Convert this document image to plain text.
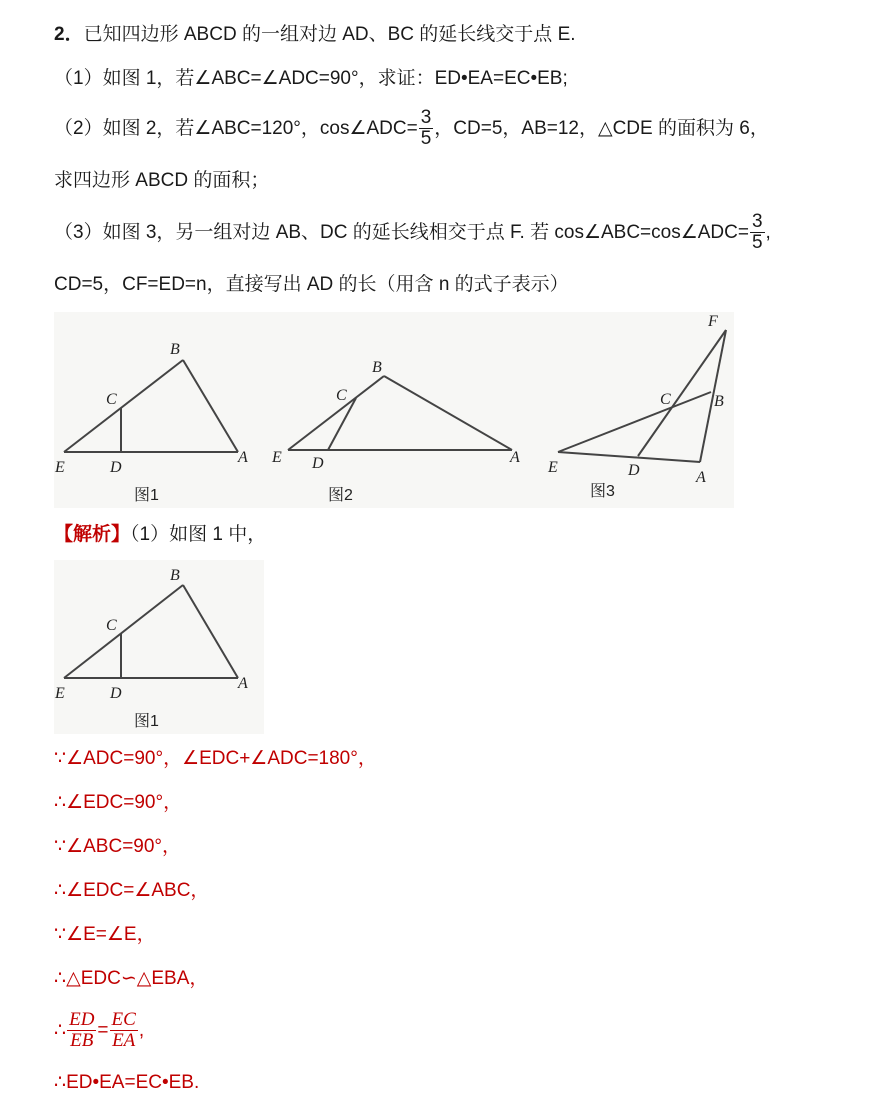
2．已知四边形 ABCD 的一组对边 AD、BC 的延长线交于点 E.
（1）如图 1，若∠ABC=∠ADC=90°，求证：ED•EA=EC•EB;
（2）如图 2，若∠ABC=120°，cos∠ADC= $\frac{3}{5}$ ，CD=5，AB=12，△CDE 的面积为 6，
求四边形 ABCD 的面积；
（3）如图 3，另一组对边 AB、DC 的延长线相交于点 F. 若 cos∠ABC=cos∠ADC= $\frac{3}{5}$ ,
CD=5，CF=ED=n，直接写出 AD 的长（用含 n 的式子表示）
B
C
E	D
A
图1
B
C
E D	A
图2
F
C	B
E	D	A
图3
【解析】（1）如图 1 中，
B
C
E	D
A
图1
∵∠ADC=90°，∠EDC+∠ADC=180°，
∴∠EDC=90°，
∵∠ABC=90°，
∴∠EDC=∠ABC，
∵∠E=∠E，
∴△EDC∽△EBA，
∴ $\frac{ED}{EB} = \frac{EC}{EA}$ ,
∴ED•EA=EC•EB.
